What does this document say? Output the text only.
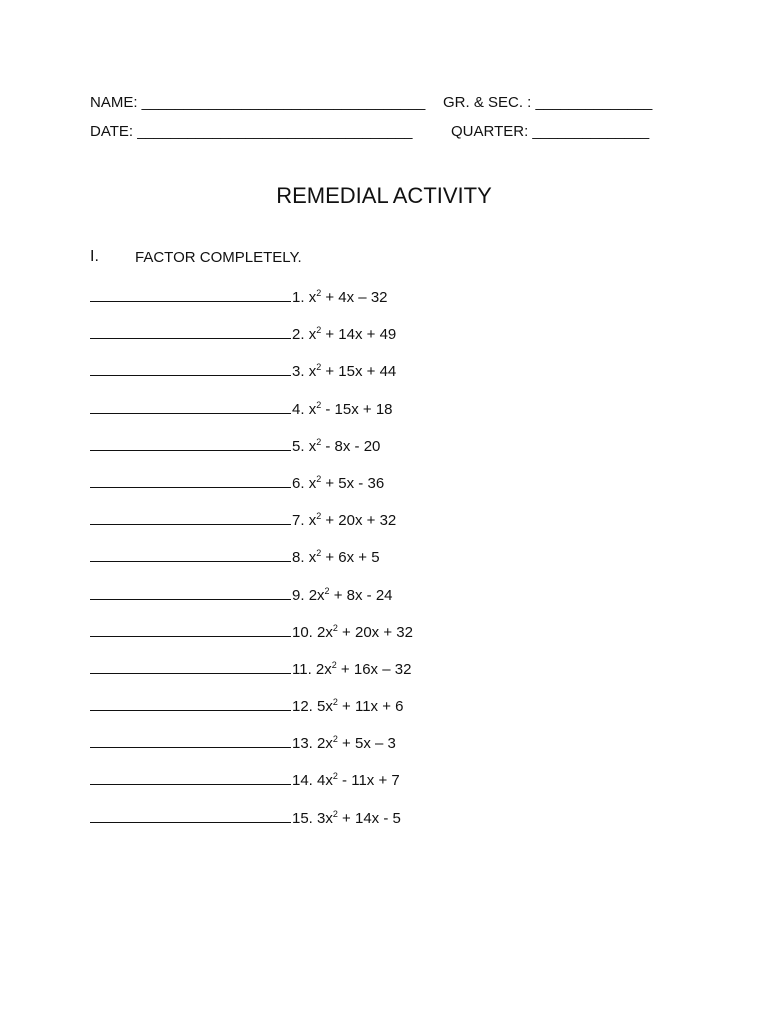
NAME: __________________________________ GR. & SEC. : ______________
DATE: _________________________________	QUARTER: ______________
REMEDIAL ACTIVITY
I. FACTOR COMPLETELY.
1. $x^2 + 4x - 32$
2. $x^2 + 14x + 49$
3. $x^2 + 15x + 44$
4. $x^2 - 15x + 18$
5. $x^2 - 8x - 20$
6. $x^2 + 5x - 36$
7. $x^2 + 20x + 32$
8. $x^2 + 6x + 5$
9. $2x^2 + 8x - 24$
10. $2x^2 + 20x + 32$
11. $2x^2 + 16x - 32$
12. $5x^2 + 11x + 6$
13. $2x^2 + 5x - 3$
14. $4x^2 - 11x + 7$
15. $3x^2 + 14x - 5$
